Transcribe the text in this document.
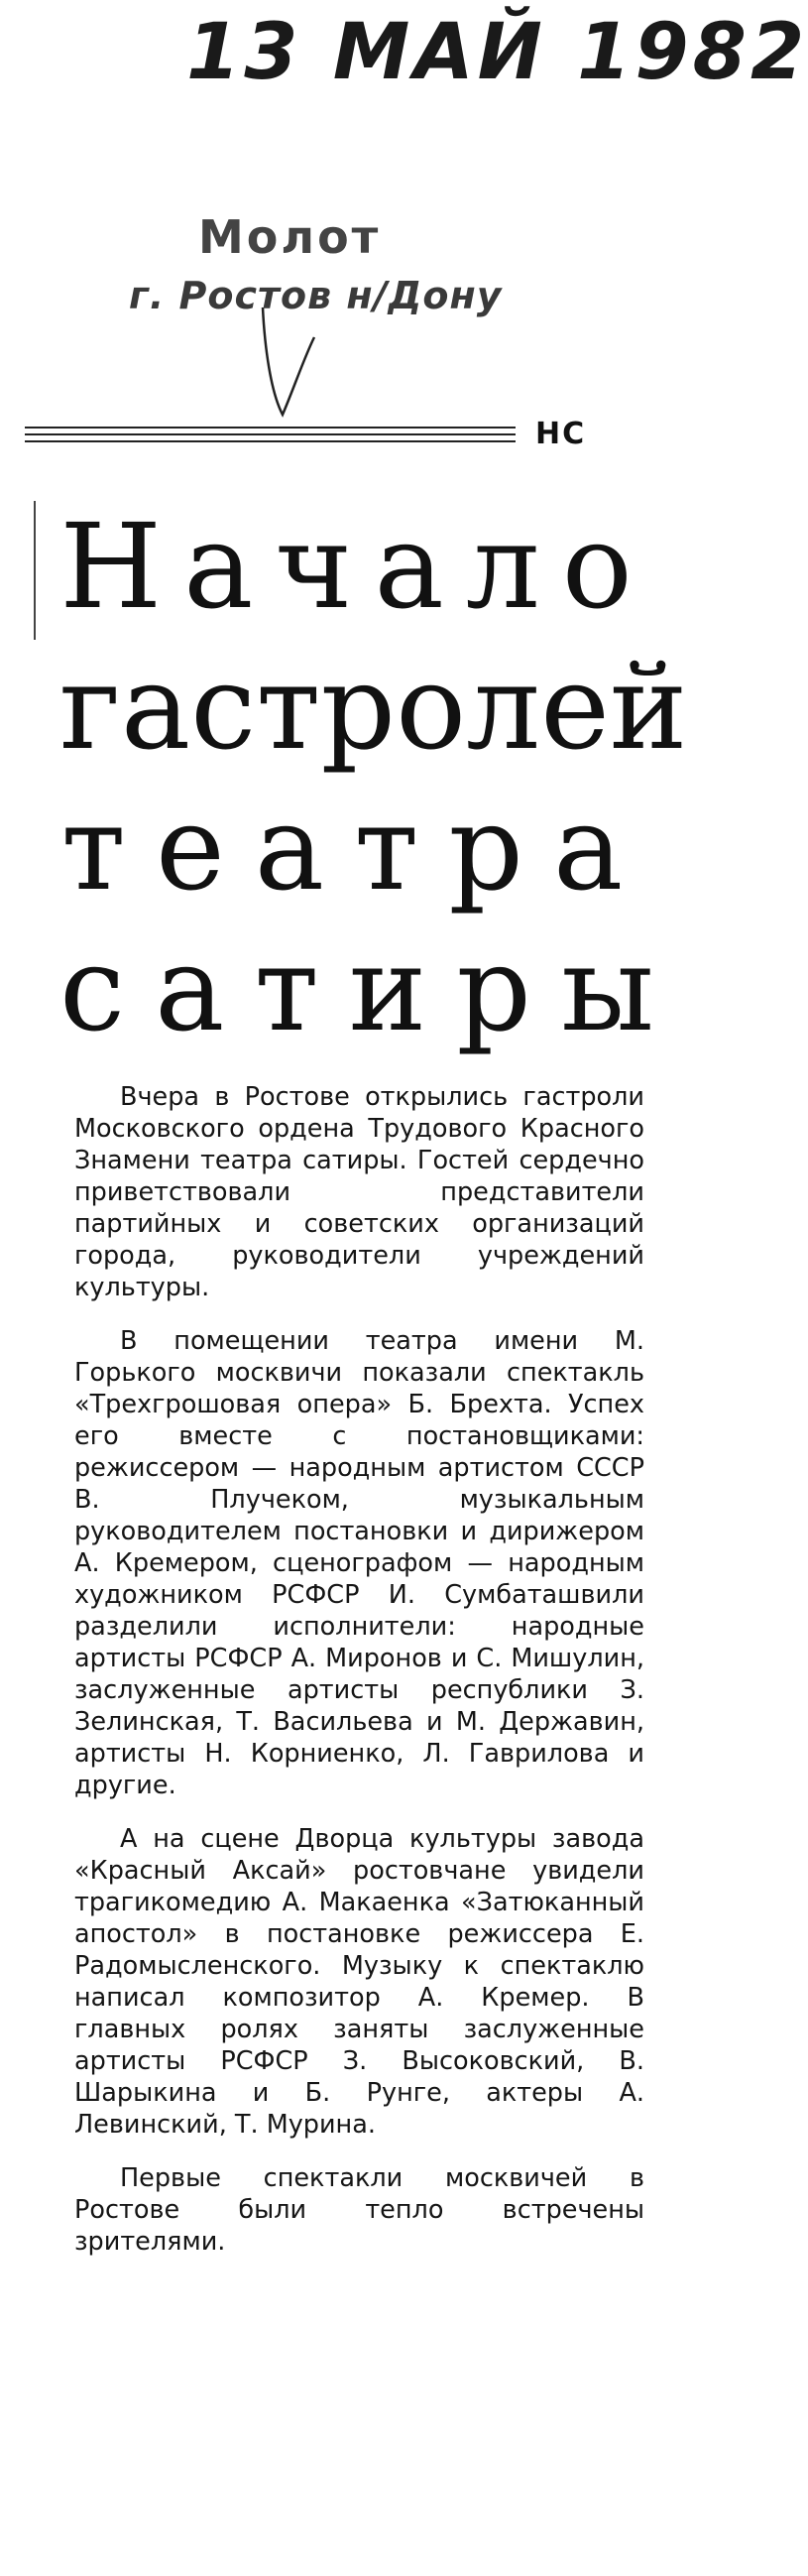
13 МАЙ 1982
Молот
г. Ростов н/Дону
НС
Начало
гастролей
театра
сатиры

Вчера в Ростове открылись гастроли Московского ордена Трудового Красного Знамени театра сатиры. Гостей сердечно приветствовали представители партийных и советских организаций города, руководители учреждений культуры.

В помещении театра имени М. Горького москвичи показали спектакль «Трехгрошовая опера» Б. Брехта. Успех его вместе с постановщиками: режиссером — народным артистом СССР В. Плучеком, музыкальным руководителем постановки и дирижером А. Кремером, сценографом — народным художником РСФСР И. Сумбаташвили разделили исполнители: народные артисты РСФСР А. Миронов и С. Мишулин, заслуженные артисты республики З. Зелинская, Т. Васильева и М. Державин, артисты Н. Корниенко, Л. Гаврилова и другие.

А на сцене Дворца культуры завода «Красный Аксай» ростовчане увидели трагикомедию А. Макаенка «Затюканный апостол» в постановке режиссера Е. Радомысленского. Музыку к спектаклю написал композитор А. Кремер. В главных ролях заняты заслуженные артисты РСФСР З. Высоковский, В. Шарыкина и Б. Рунге, актеры А. Левинский, Т. Мурина.

Первые спектакли москвичей в Ростове были тепло встречены зрителями.
